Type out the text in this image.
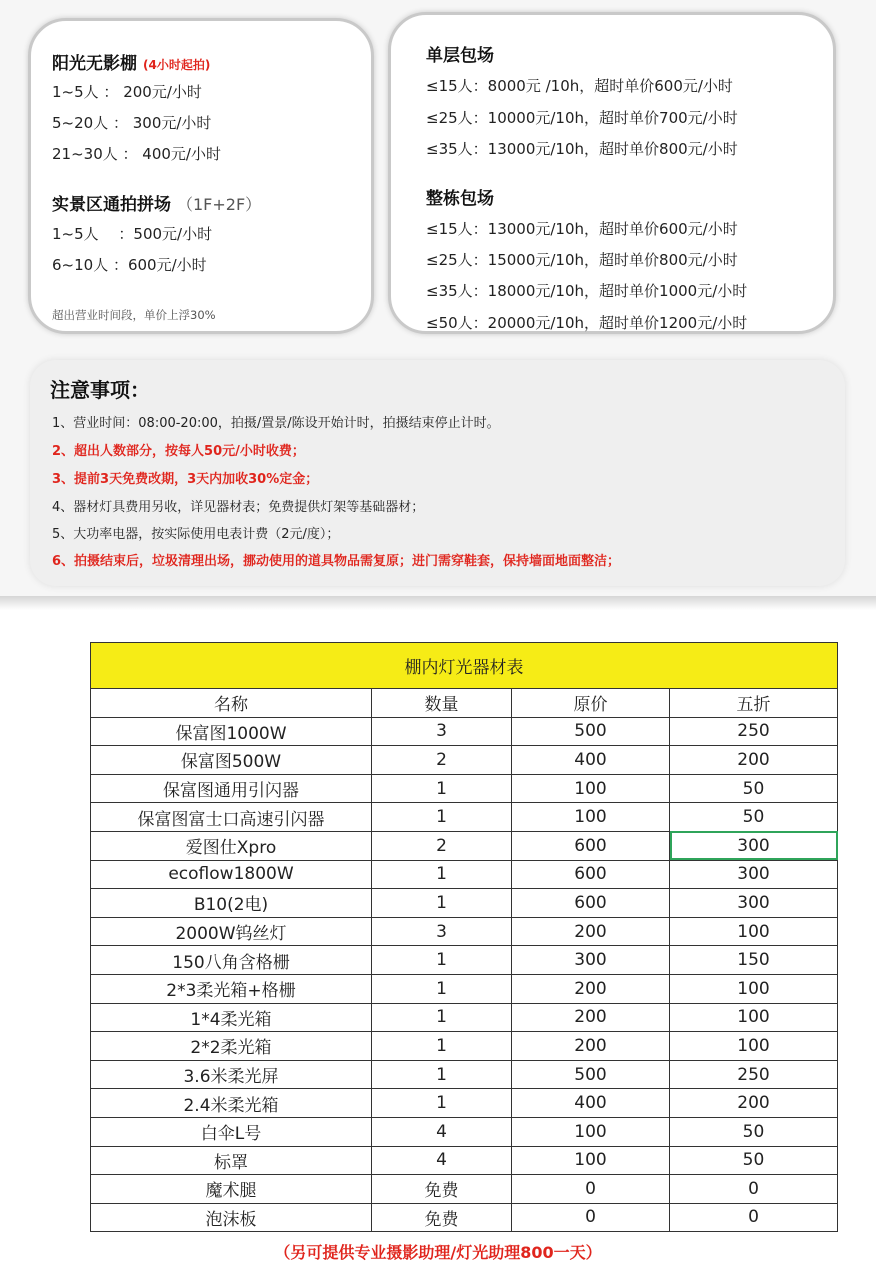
阳光无影棚 (4小时起拍)
1~5人 ： 200元/小时
5~20人 ： 300元/小时
21~30人 ： 400元/小时
实景区通拍拼场 （1F+2F）
1~5人 　：500元/小时
6~10人 ：600元/小时
超出营业时间段，单价上浮30%
单层包场
≤15人：8000元 /10h，超时单价600元/小时
≤25人：10000元/10h，超时单价700元/小时
≤35人：13000元/10h，超时单价800元/小时
整栋包场
≤15人：13000元/10h，超时单价600元/小时
≤25人：15000元/10h，超时单价800元/小时
≤35人：18000元/10h，超时单价1000元/小时
≤50人：20000元/10h，超时单价1200元/小时
注意事项：
1、营业时间：08:00-20:00，拍摄/置景/陈设开始计时，拍摄结束停止计时。
2、超出人数部分，按每人50元/小时收费；
3、提前3天免费改期，3天内加收30%定金；
4、器材灯具费用另收，详见器材表；免费提供灯架等基础器材；
5、大功率电器，按实际使用电表计费（2元/度）；
6、拍摄结束后，垃圾清理出场，挪动使用的道具物品需复原；进门需穿鞋套，保持墙面地面整洁；
棚内灯光器材表			
名称	数量	原价	五折
保富图1000W	3	500	250
保富图500W	2	400	200
保富图通用引闪器	1	100	50
保富图富士口高速引闪器	1	100	50
爱图仕Xpro	2	600	300
ecoflow1800W	1	600	300
B10(2电)	1	600	300
2000W钨丝灯	3	200	100
150八角含格栅	1	300	150
2*3柔光箱+格栅	1	200	100
1*4柔光箱	1	200	100
2*2柔光箱	1	200	100
3.6米柔光屏	1	500	250
2.4米柔光箱	1	400	200
白伞L号	4	100	50
标罩	4	100	50
魔术腿	免费	0	0
泡沫板	免费	0	0
（另可提供专业摄影助理/灯光助理800一天）
